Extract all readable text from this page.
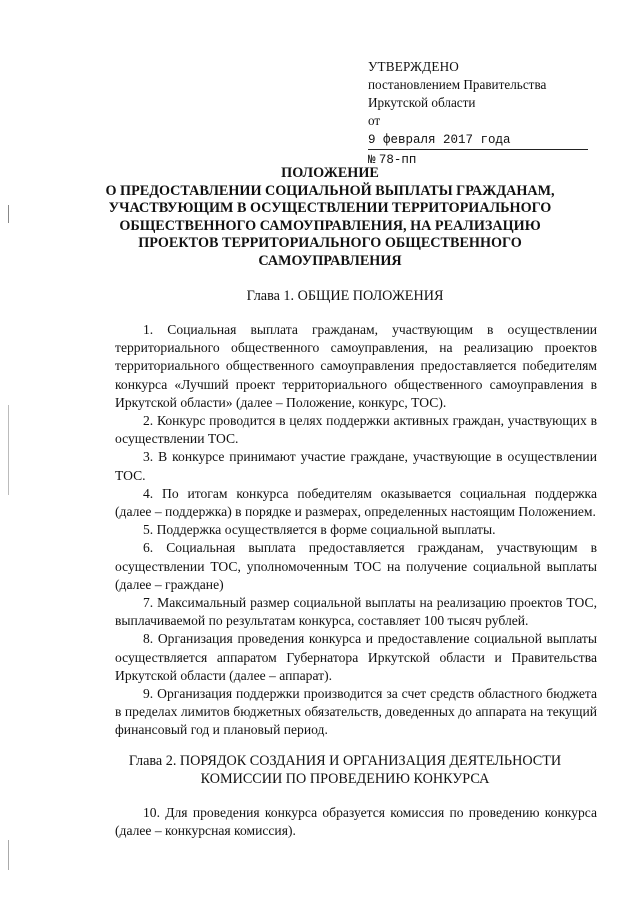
УТВЕРЖДЕНО
постановлением Правительства
Иркутской области
от 9 февраля 2017 года
№ 78-пп
ПОЛОЖЕНИЕ
О ПРЕДОСТАВЛЕНИИ СОЦИАЛЬНОЙ ВЫПЛАТЫ ГРАЖДАНАМ,
УЧАСТВУЮЩИМ В ОСУЩЕСТВЛЕНИИ ТЕРРИТОРИАЛЬНОГО
ОБЩЕСТВЕННОГО САМОУПРАВЛЕНИЯ, НА РЕАЛИЗАЦИЮ
ПРОЕКТОВ ТЕРРИТОРИАЛЬНОГО ОБЩЕСТВЕННОГО
САМОУПРАВЛЕНИЯ
Глава 1. ОБЩИЕ ПОЛОЖЕНИЯ

1. Социальная выплата гражданам, участвующим в осуществлении территориального общественного самоуправления, на реализацию проектов территориального общественного самоуправления предоставляется победителям конкурса «Лучший проект территориального общественного самоуправления в Иркутской области» (далее – Положение, конкурс, ТОС).

2. Конкурс проводится в целях поддержки активных граждан, участвующих в осуществлении ТОС.

3. В конкурсе принимают участие граждане, участвующие в осуществлении ТОС.

4. По итогам конкурса победителям оказывается социальная поддержка (далее – поддержка) в порядке и размерах, определенных настоящим Положением.

5. Поддержка осуществляется в форме социальной выплаты.

6. Социальная выплата предоставляется гражданам, участвующим в осуществлении ТОС, уполномоченным ТОС на получение социальной выплаты (далее – граждане)

7. Максимальный размер социальной выплаты на реализацию проектов ТОС, выплачиваемой по результатам конкурса, составляет 100 тысяч рублей.

8. Организация проведения конкурса и предоставление социальной выплаты осуществляется аппаратом Губернатора Иркутской области и Правительства Иркутской области (далее – аппарат).

9. Организация поддержки производится за счет средств областного бюджета в пределах лимитов бюджетных обязательств, доведенных до аппарата на текущий финансовый год и плановый период.

Глава 2. ПОРЯДОК СОЗДАНИЯ И ОРГАНИЗАЦИЯ ДЕЯТЕЛЬНОСТИ
КОМИССИИ ПО ПРОВЕДЕНИЮ КОНКУРСА

10. Для проведения конкурса образуется комиссия по проведению конкурса (далее – конкурсная комиссия).
